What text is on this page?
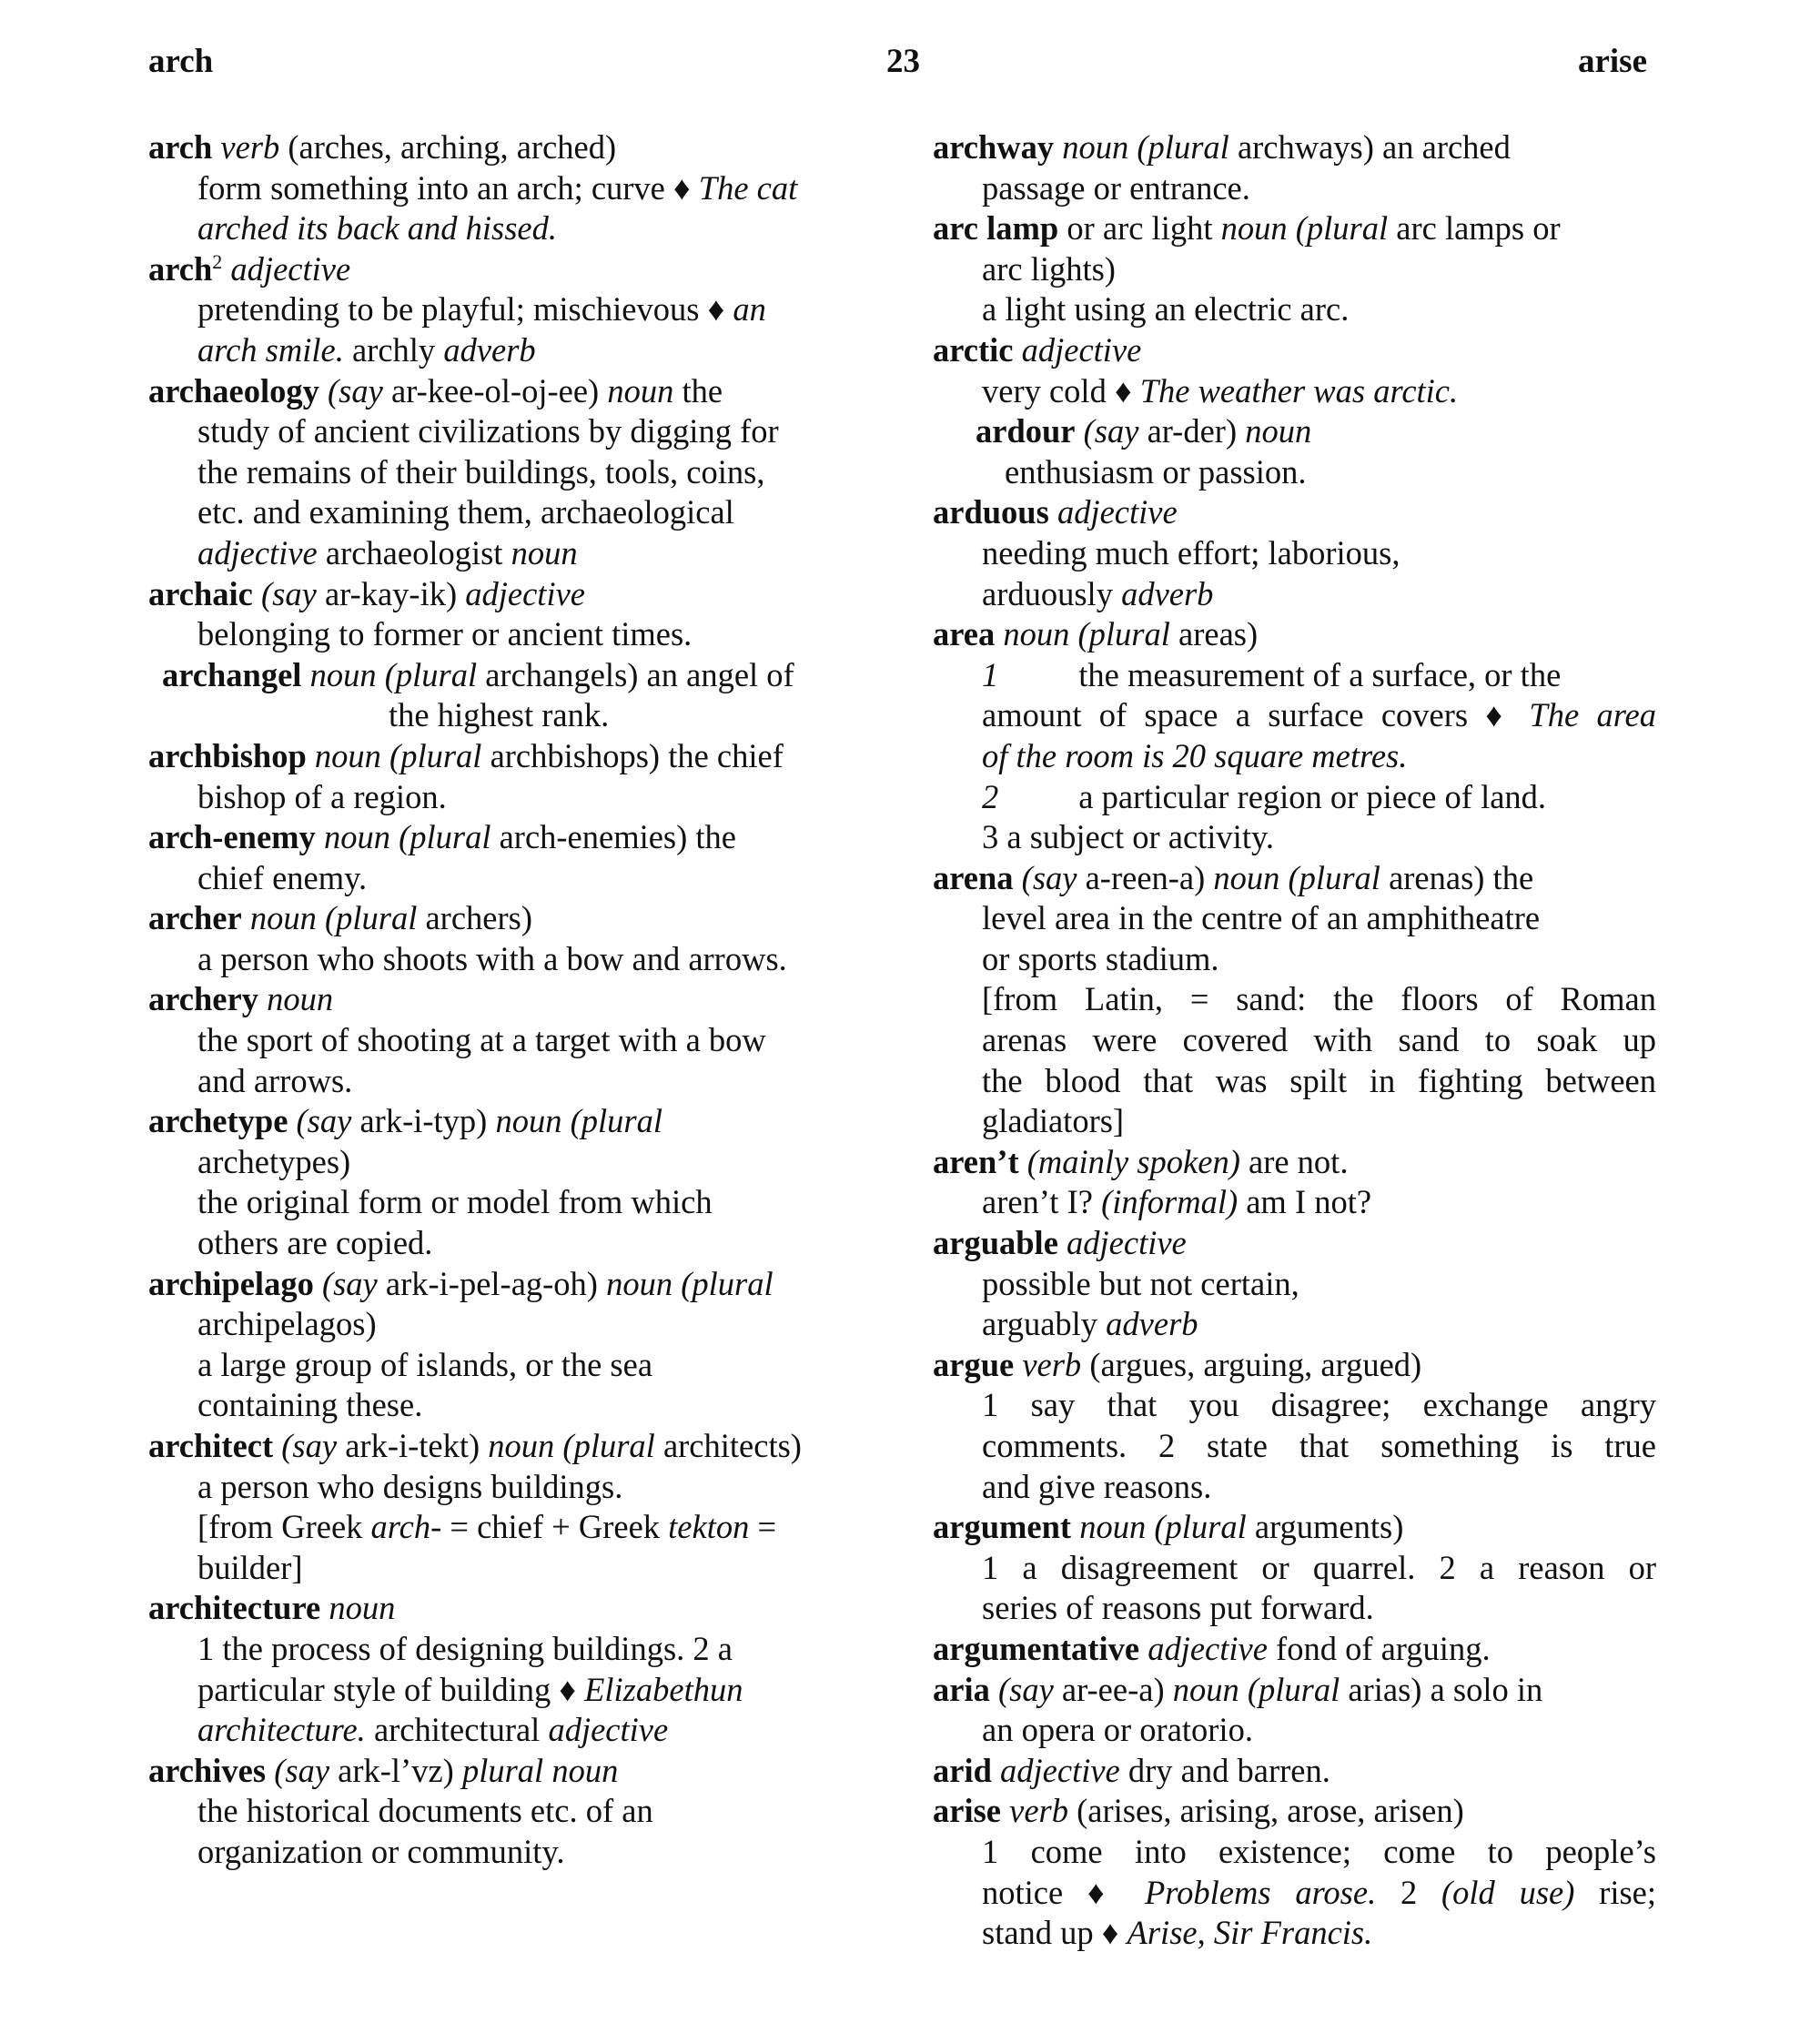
arch	23	arise
arch verb (arches, arching, arched)
form something into an arch; curve ♦ The cat
arched its back and hissed.
arch$^2$ adjective
pretending to be playful; mischievous ♦ an
arch smile. archly adverb
archaeology (say ar-kee-ol-oj-ee) noun the
study of ancient civilizations by digging for
the remains of their buildings, tools, coins,
etc. and examining them, archaeological
adjective archaeologist noun
archaic (say ar-kay-ik) adjective
belonging to former or ancient times.
archangel noun (plural archangels) an angel of
the highest rank.
archbishop noun (plural archbishops) the chief
bishop of a region.
arch-enemy noun (plural arch-enemies) the
chief enemy.
archer noun (plural archers)
a person who shoots with a bow and arrows.
archery noun
the sport of shooting at a target with a bow
and arrows.
archetype (say ark-i-typ) noun (plural
archetypes)
the original form or model from which
others are copied.
archipelago (say ark-i-pel-ag-oh) noun (plural
archipelagos)
a large group of islands, or the sea
containing these.
architect (say ark-i-tekt) noun (plural architects)
a person who designs buildings.
[from Greek arch- = chief + Greek tekton =
builder]
architecture noun
1 the process of designing buildings. 2 a
particular style of building ♦ Elizabethun
architecture. architectural adjective
archives (say ark-l’vz) plural noun
the historical documents etc. of an
organization or community.
archway noun (plural archways) an arched
passage or entrance.
arc lamp or arc light noun (plural arc lamps or
arc lights)
a light using an electric arc.
arctic adjective
very cold ♦ The weather was arctic.
ardour (say ar-der) noun
enthusiasm or passion.
arduous adjective
needing much effort; laborious,
arduously adverb
area noun (plural areas)
1 the measurement of a surface, or the
amount of space a surface covers ♦ The area
of the room is 20 square metres.
2 a particular region or piece of land.
3 a subject or activity.
arena (say a-reen-a) noun (plural arenas) the
level area in the centre of an amphitheatre
or sports stadium.
[from Latin, = sand: the floors of Roman
arenas were covered with sand to soak up
the blood that was spilt in fighting between
gladiators]
aren’t (mainly spoken) are not.
aren’t I? (informal) am I not?
arguable adjective
possible but not certain,
arguably adverb
argue verb (argues, arguing, argued)
1 say that you disagree; exchange angry
comments. 2 state that something is true
and give reasons.
argument noun (plural arguments)
1 a disagreement or quarrel. 2 a reason or
series of reasons put forward.
argumentative adjective fond of arguing.
aria (say ar-ee-a) noun (plural arias) a solo in
an opera or oratorio.
arid adjective dry and barren.
arise verb (arises, arising, arose, arisen)
1 come into existence; come to people’s
notice ♦ Problems arose. 2 (old use) rise;
stand up ♦ Arise, Sir Francis.
